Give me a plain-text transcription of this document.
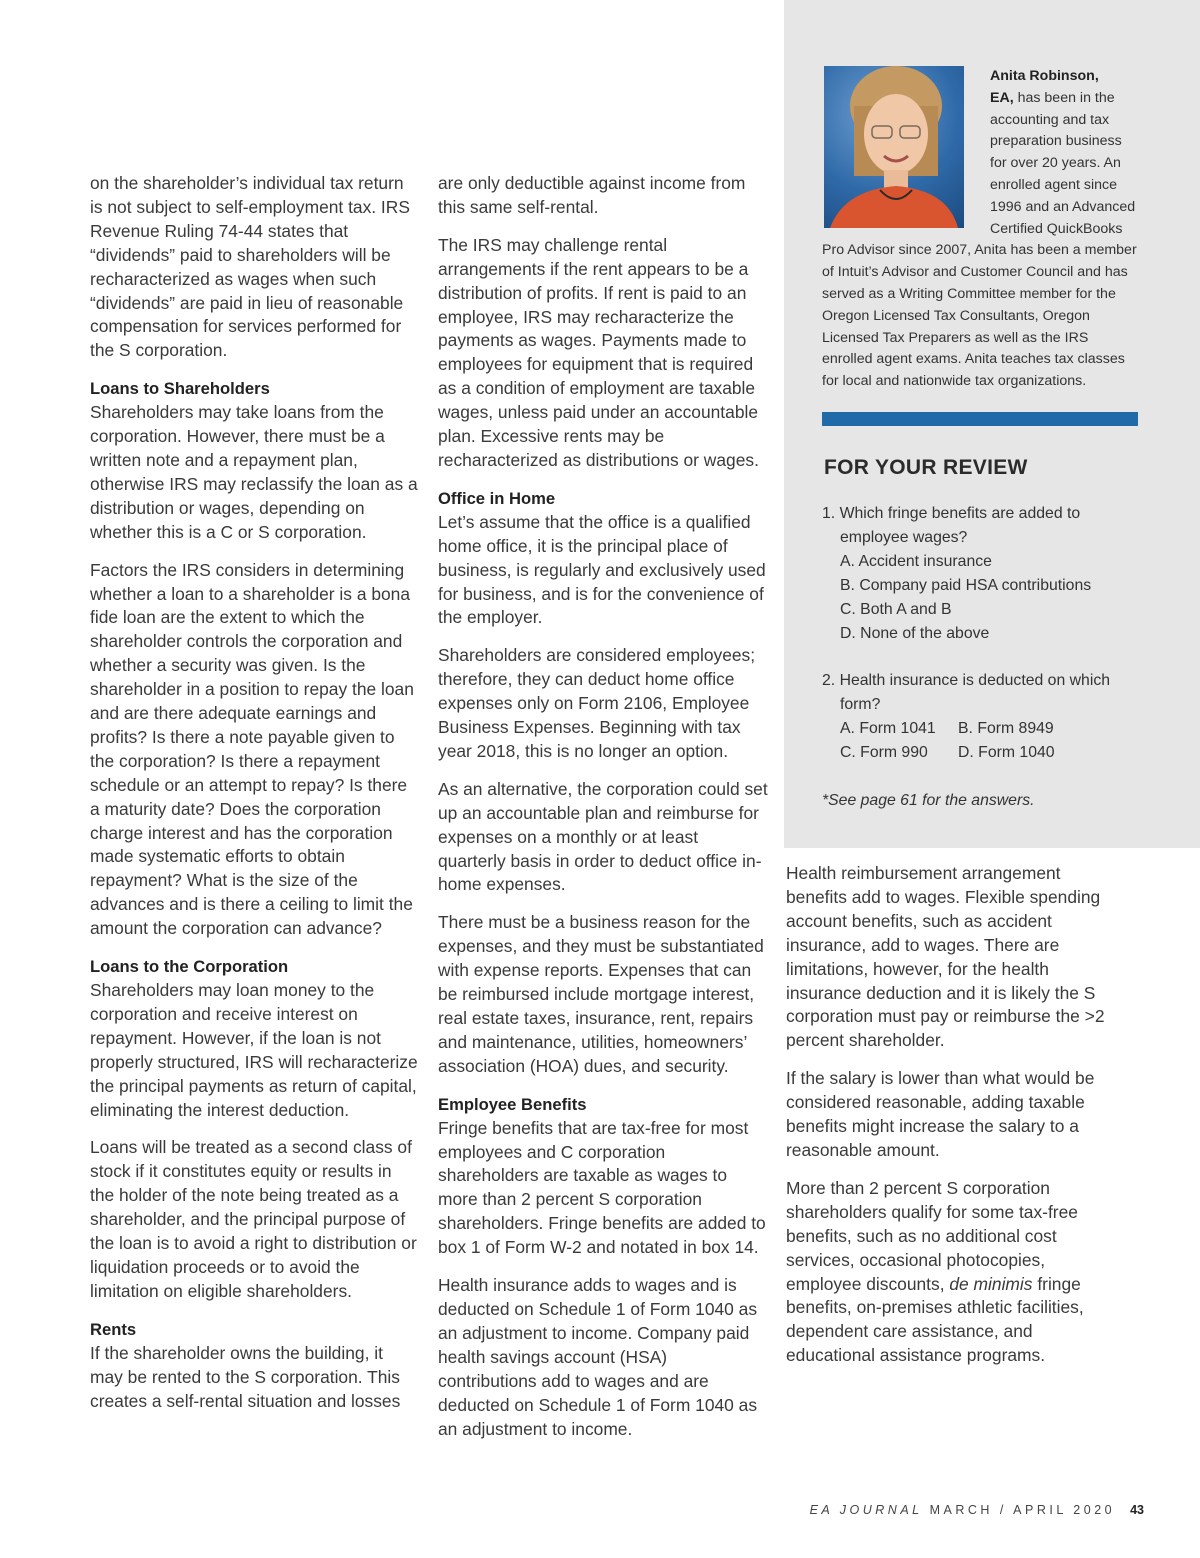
on the shareholder’s individual tax return is not subject to self-employment tax. IRS Revenue Ruling 74-44 states that “dividends” paid to shareholders will be recharacterized as wages when such “dividends” are paid in lieu of reasonable compensation for services performed for the S corporation.

Loans to Shareholders

Shareholders may take loans from the corporation. However, there must be a written note and a repayment plan, otherwise IRS may reclassify the loan as a distribution or wages, depending on whether this is a C or S corporation.

Factors the IRS considers in determining whether a loan to a shareholder is a bona fide loan are the extent to which the shareholder controls the corporation and whether a security was given. Is the shareholder in a position to repay the loan and are there adequate earnings and profits? Is there a note payable given to the corporation? Is there a repayment schedule or an attempt to repay? Is there a maturity date? Does the corporation charge interest and has the corporation made systematic efforts to obtain repayment? What is the size of the advances and is there a ceiling to limit the amount the corporation can advance?

Loans to the Corporation

Shareholders may loan money to the corporation and receive interest on repayment. However, if the loan is not properly structured, IRS will recharacterize the principal payments as return of capital, eliminating the interest deduction.

Loans will be treated as a second class of stock if it constitutes equity or results in the holder of the note being treated as a shareholder, and the principal purpose of the loan is to avoid a right to distribution or liquidation proceeds or to avoid the limitation on eligible shareholders.

Rents

If the shareholder owns the building, it may be rented to the S corporation. This creates a self-rental situation and losses

are only deductible against income from this same self-rental.

The IRS may challenge rental arrangements if the rent appears to be a distribution of profits. If rent is paid to an employee, IRS may recharacterize the payments as wages. Payments made to employees for equipment that is required as a condition of employment are taxable wages, unless paid under an accountable plan. Excessive rents may be recharacterized as distributions or wages.

Office in Home

Let’s assume that the office is a qualified home office, it is the principal place of business, is regularly and exclusively used for business, and is for the convenience of the employer.

Shareholders are considered employees; therefore, they can deduct home office expenses only on Form 2106, Employee Business Expenses. Beginning with tax year 2018, this is no longer an option.

As an alternative, the corporation could set up an accountable plan and reimburse for expenses on a monthly or at least quarterly basis in order to deduct office in-home expenses.

There must be a business reason for the expenses, and they must be substantiated with expense reports. Expenses that can be reimbursed include mortgage interest, real estate taxes, insurance, rent, repairs and maintenance, utilities, homeowners’ association (HOA) dues, and security.

Employee Benefits

Fringe benefits that are tax-free for most employees and C corporation shareholders are taxable as wages to more than 2 percent S corporation shareholders. Fringe benefits are added to box 1 of Form W-2 and notated in box 14.

Health insurance adds to wages and is deducted on Schedule 1 of Form 1040 as an adjustment to income. Company paid health savings account (HSA) contributions add to wages and are deducted on Schedule 1 of Form 1040 as an adjustment to income.

Anita Robinson,
EA, has been in the accounting and tax preparation business for over 20 years. An enrolled agent since 1996 and an Advanced Certified QuickBooks Pro Advisor since 2007, Anita has been a member of Intuit’s Advisor and Customer Council and has served as a Writing Committee member for the Oregon Licensed Tax Consultants, Oregon Licensed Tax Preparers as well as the IRS enrolled agent exams. Anita teaches tax classes for local and nationwide tax organizations.
FOR YOUR REVIEW
1. Which fringe benefits are added to employee wages?
A. Accident insurance
B. Company paid HSA contributions
C. Both A and B
D. None of the above
2. Health insurance is deducted on which form?
A. Form 1041	B. Form 8949
C. Form 990	D. Form 1040
*See page 61 for the answers.

Health reimbursement arrangement benefits add to wages. Flexible spending account benefits, such as accident insurance, add to wages. There are limitations, however, for the health insurance deduction and it is likely the S corporation must pay or reimburse the >2 percent shareholder.

If the salary is lower than what would be considered reasonable, adding taxable benefits might increase the salary to a reasonable amount.

More than 2 percent S corporation shareholders qualify for some tax-free benefits, such as no additional cost services, occasional photocopies, employee discounts, de minimis fringe benefits, on-premises athletic facilities, dependent care assistance, and educational assistance programs.

EA JOURNAL MARCH / APRIL 2020 43
